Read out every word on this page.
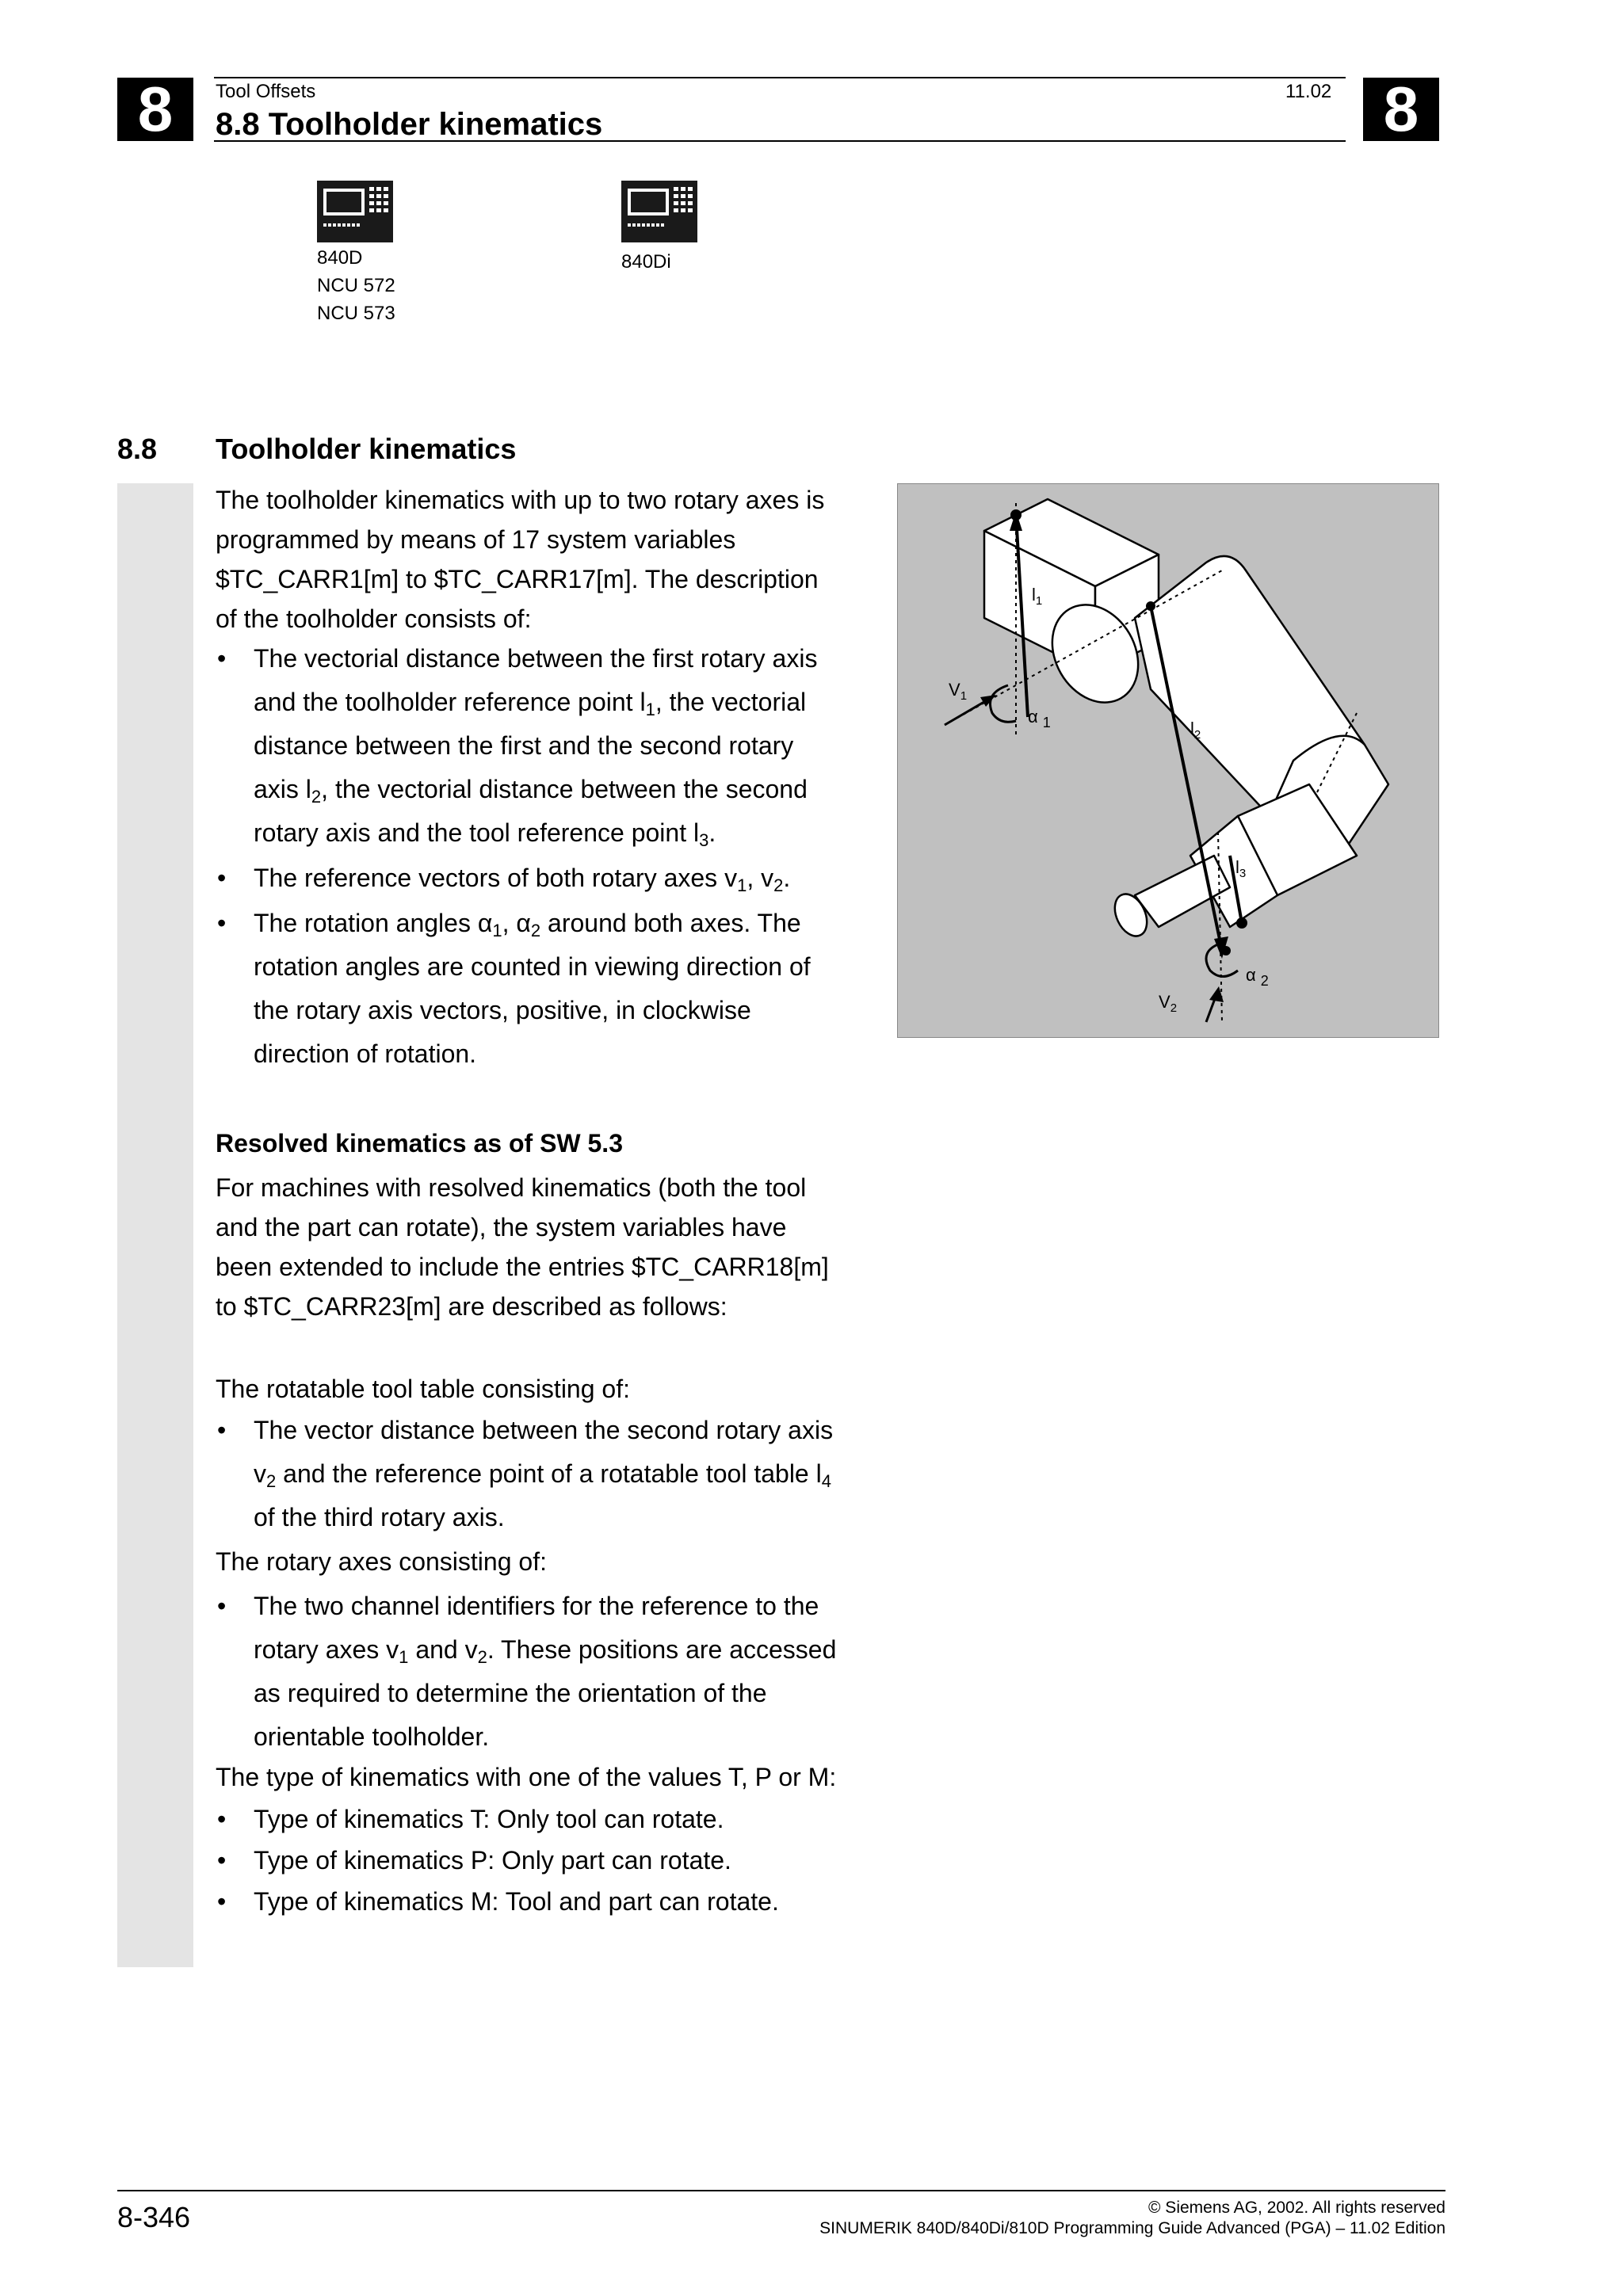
8	8
Tool Offsets	11.02
8.8 Toolholder kinematics
840D
NCU 572
NCU 573
840Di
8.8 Toolholder kinematics
The toolholder kinematics with up to two rotary axes is
programmed by means of 17 system variables
$TC_CARR1[m] to $TC_CARR17[m]. The description
of the toolholder consists of:
• The vectorial distance between the first rotary axis
and the toolholder reference point $l_1$, the vectorial
distance between the first and the second rotary
axis $l_2$, the vectorial distance between the second
rotary axis and the tool reference point $l_3$.
• The reference vectors of both rotary axes $v_1$, $v_2$.
• The rotation angles $\alpha_1$, $\alpha_2$ around both axes. The
rotation angles are counted in viewing direction of
the rotary axis vectors, positive, in clockwise
direction of rotation.
Resolved kinematics as of SW 5.3
For machines with resolved kinematics (both the tool
and the part can rotate), the system variables have
been extended to include the entries $TC_CARR18[m]
to $TC_CARR23[m] are described as follows:
The rotatable tool table consisting of:
• The vector distance between the second rotary axis
$v_2$ and the reference point of a rotatable tool table $l_4$
of the third rotary axis.
The rotary axes consisting of:
• The two channel identifiers for the reference to the
rotary axes $v_1$ and $v_2$. These positions are accessed
as required to determine the orientation of the
orientable toolholder.
The type of kinematics with one of the values T, P or M:
• Type of kinematics T: Only tool can rotate.
• Type of kinematics P: Only part can rotate.
• Type of kinematics M: Tool and part can rotate.
$l_1$
$V_1$
α $_1$	$l_2$
$l_3$
α $_2$
$V_2$
8-346	© Siemens AG, 2002. All rights reserved
SINUMERIK 840D/840Di/810D Programming Guide Advanced (PGA) – 11.02 Edition
